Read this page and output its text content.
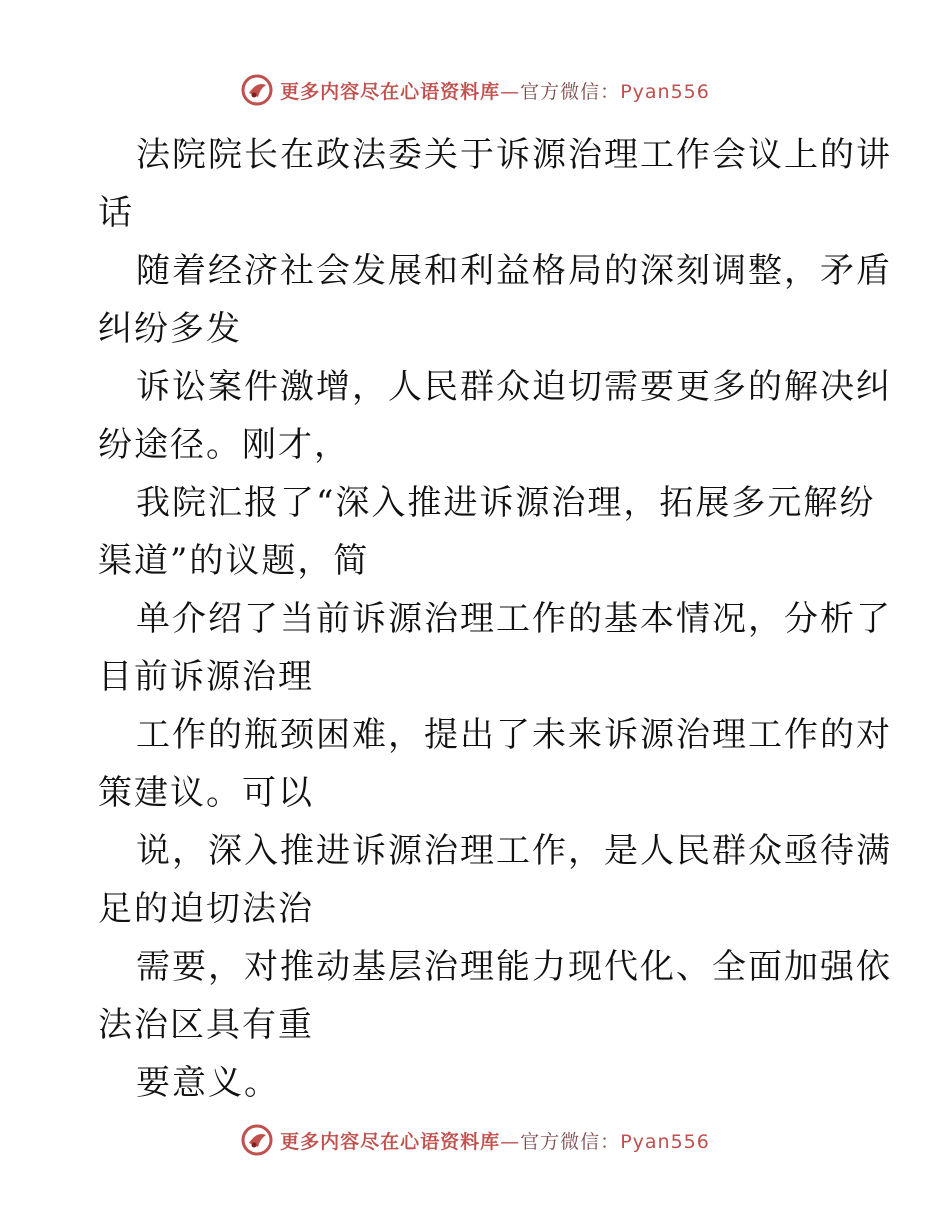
更多内容尽在心语资料库—官方微信：Pyan556
法院院长在政法委关于诉源治理工作会议上的讲
话
随着经济社会发展和利益格局的深刻调整，矛盾
纠纷多发
诉讼案件激增，人民群众迫切需要更多的解决纠
纷途径。刚才，
我院汇报了“深入推进诉源治理，拓展多元解纷
渠道”的议题，简
单介绍了当前诉源治理工作的基本情况，分析了
目前诉源治理
工作的瓶颈困难，提出了未来诉源治理工作的对
策建议。可以
说，深入推进诉源治理工作，是人民群众亟待满
足的迫切法治
需要，对推动基层治理能力现代化、全面加强依
法治区具有重
要意义。
更多内容尽在心语资料库—官方微信：Pyan556
